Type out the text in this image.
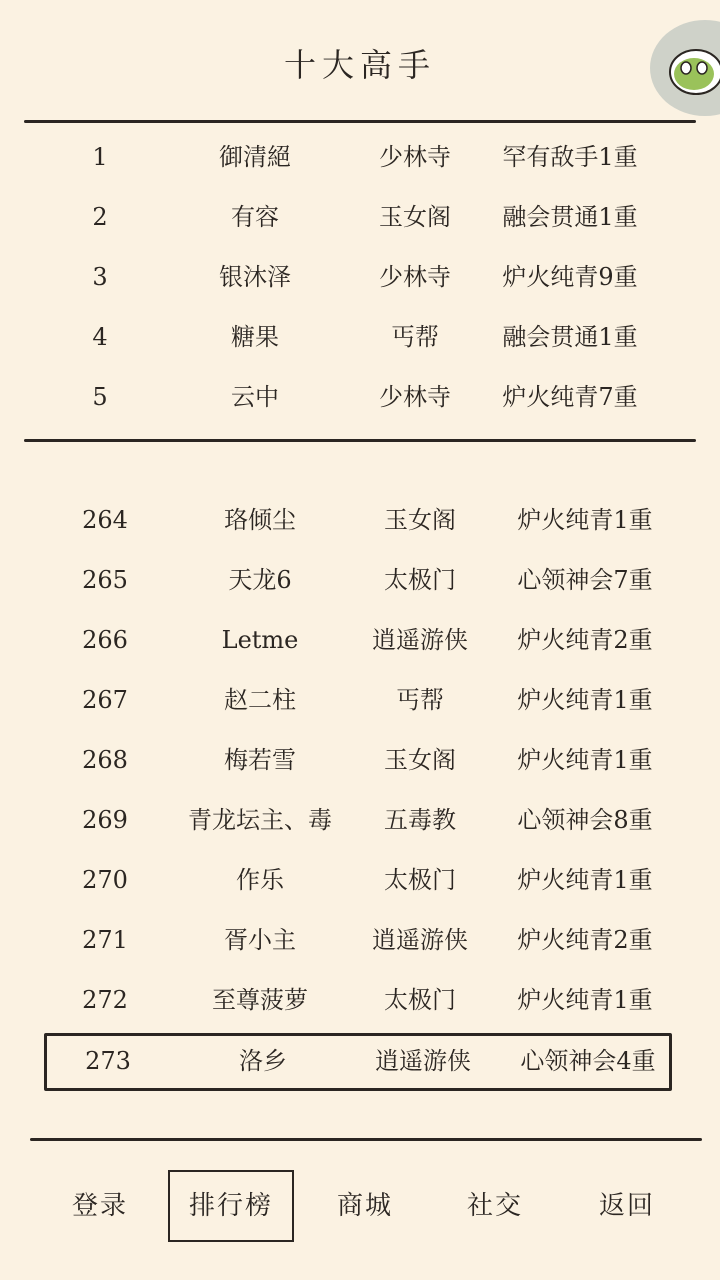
十大高手
1	御清絕	少林寺	罕有敌手1重
2	有容	玉女阁	融会贯通1重
3	银沐泽	少林寺	炉火纯青9重
4	糖果	丐帮	融会贯通1重
5	云中	少林寺	炉火纯青7重
264	珞倾尘	玉女阁	炉火纯青1重
265	天龙6	太极门	心领神会7重
266	Letme	逍遥游侠	炉火纯青2重
267	赵二柱	丐帮	炉火纯青1重
268	梅若雪	玉女阁	炉火纯青1重
269	青龙坛主、毒	五毒教	心领神会8重
270	作乐	太极门	炉火纯青1重
271	胥小主	逍遥游侠	炉火纯青2重
272	至尊菠萝	太极门	炉火纯青1重
273	洛乡	逍遥游侠	心领神会4重
登录	排行榜	商城	社交	返回
